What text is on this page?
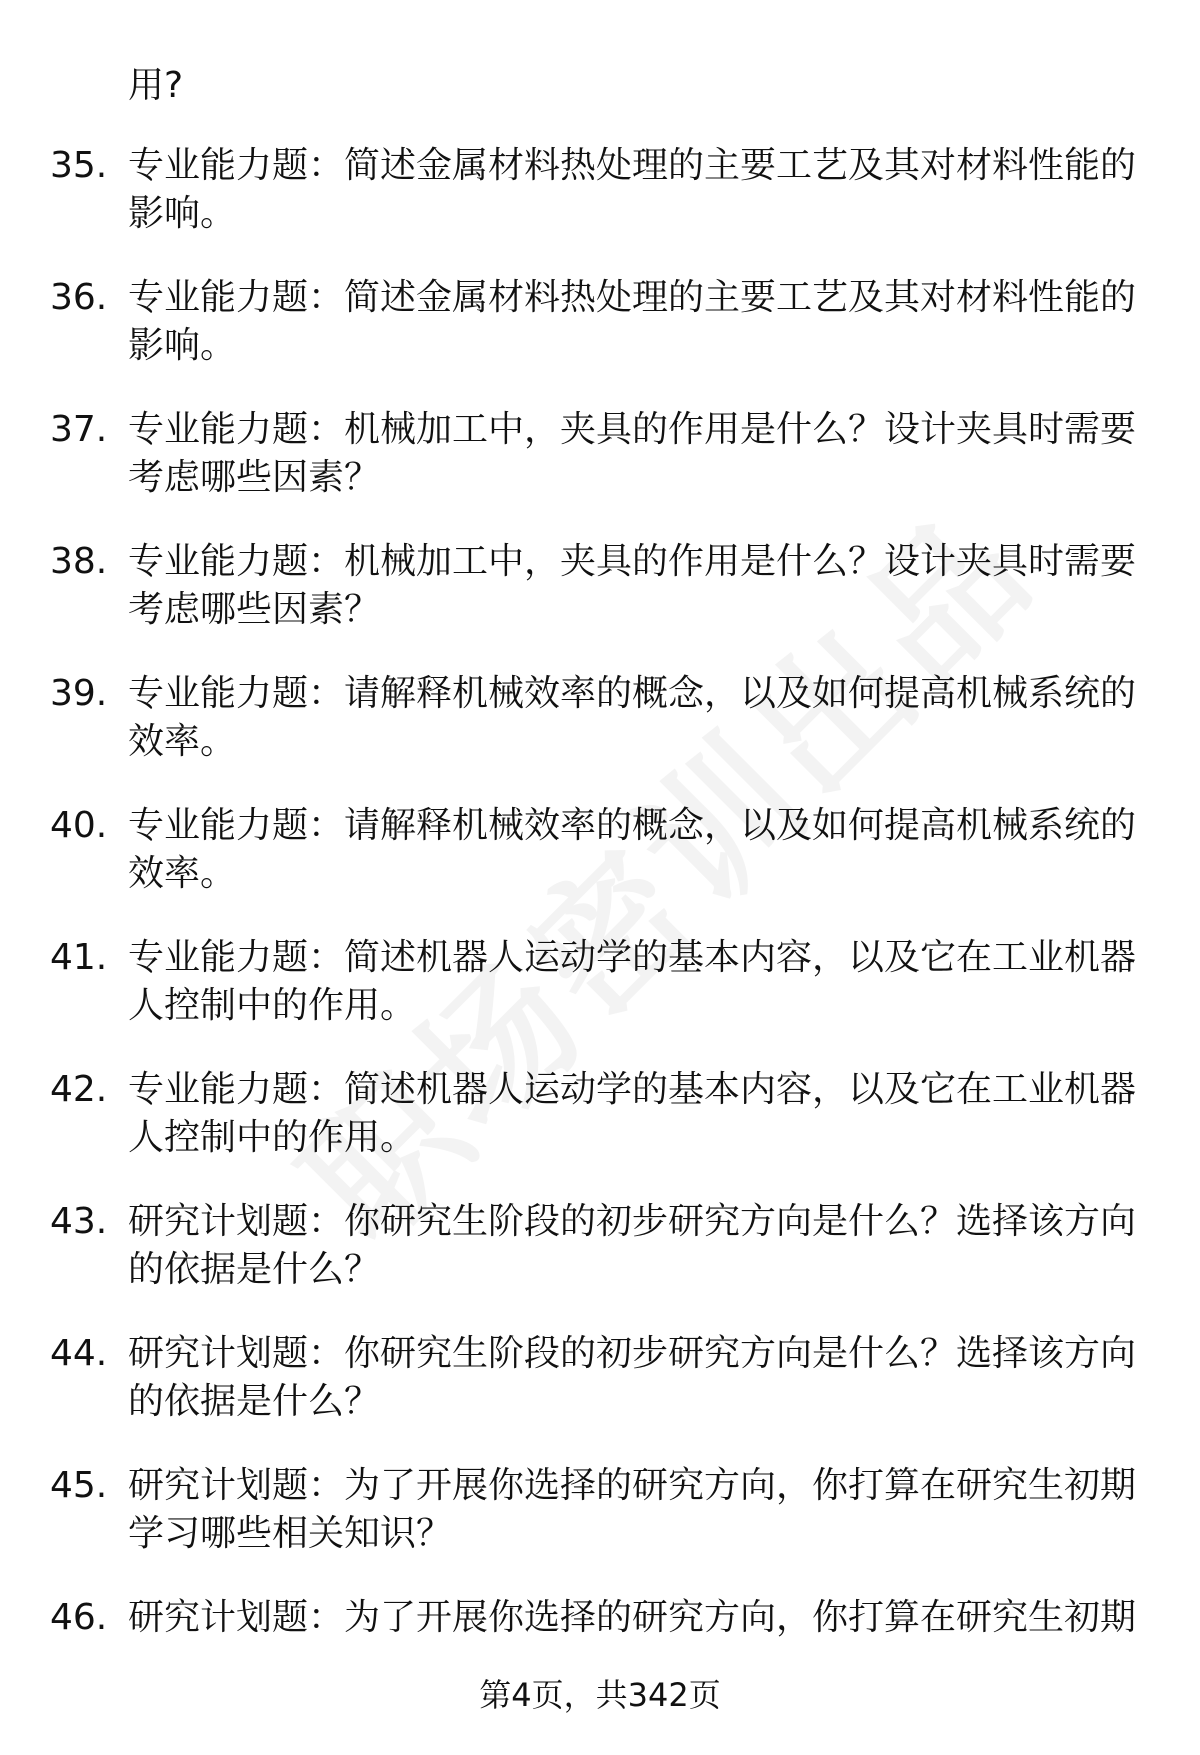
用?

35. 专业能力题：简述金属材料热处理的主要工艺及其对材料性能的影响。
36. 专业能力题：简述金属材料热处理的主要工艺及其对材料性能的影响。
37. 专业能力题：机械加工中，夹具的作用是什么？设计夹具时需要考虑哪些因素？
38. 专业能力题：机械加工中，夹具的作用是什么？设计夹具时需要考虑哪些因素？
39. 专业能力题：请解释机械效率的概念，以及如何提高机械系统的效率。
40. 专业能力题：请解释机械效率的概念，以及如何提高机械系统的效率。
41. 专业能力题：简述机器人运动学的基本内容，以及它在工业机器人控制中的作用。
42. 专业能力题：简述机器人运动学的基本内容，以及它在工业机器人控制中的作用。
43. 研究计划题：你研究生阶段的初步研究方向是什么？选择该方向的依据是什么？
44. 研究计划题：你研究生阶段的初步研究方向是什么？选择该方向的依据是什么？
45. 研究计划题：为了开展你选择的研究方向，你打算在研究生初期学习哪些相关知识？
46. 研究计划题：为了开展你选择的研究方向，你打算在研究生初期
第4页，共342页
